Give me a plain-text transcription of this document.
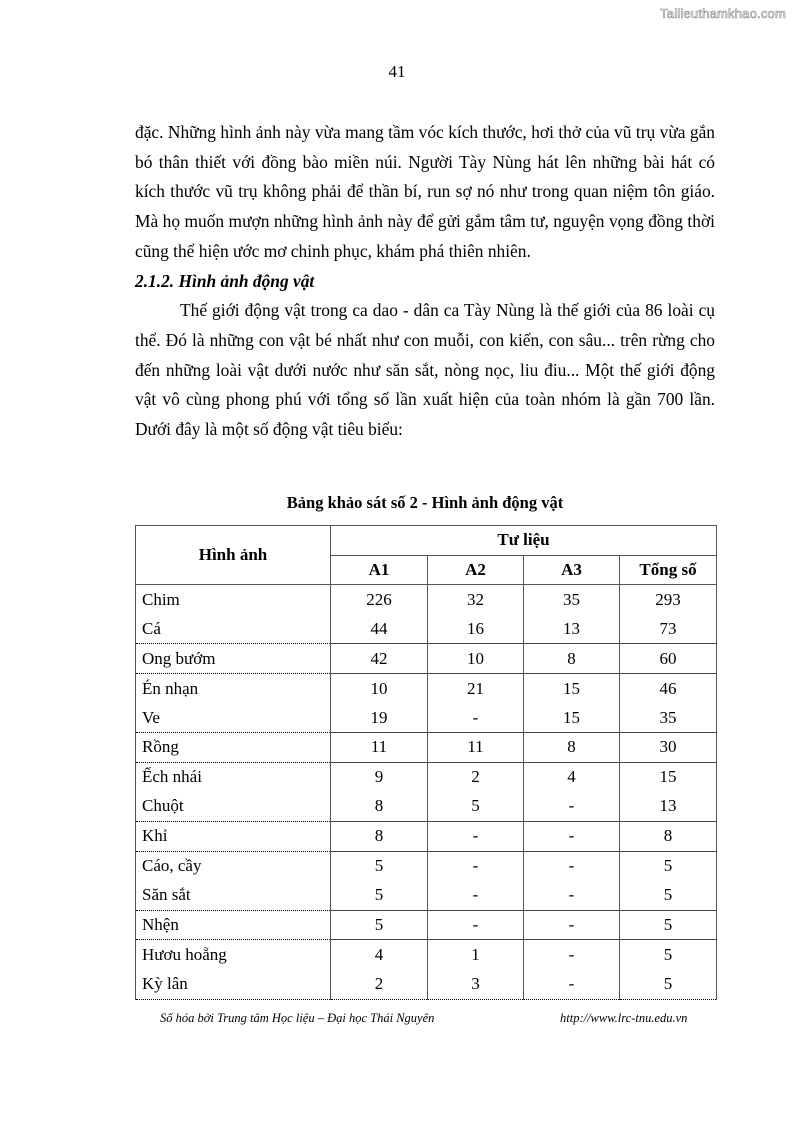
Tailieuthamkhao.com
41

đặc. Những hình ảnh này vừa mang tầm vóc kích thước, hơi thở của vũ trụ vừa gắn bó thân thiết với đồng bào miền núi. Người Tày Nùng hát lên những bài hát có kích thước vũ trụ không phải để thần bí, run sợ nó như trong quan niệm tôn giáo. Mà họ muốn mượn những hình ảnh này để gửi gắm tâm tư, nguyện vọng đồng thời cũng thể hiện ước mơ chinh phục, khám phá thiên nhiên.

2.1.2. Hình ảnh động vật

Thế giới động vật trong ca dao - dân ca Tày Nùng là thế giới của 86 loài cụ thể. Đó là những con vật bé nhất như con muỗi, con kiến, con sâu... trên rừng cho đến những loài vật dưới nước như săn sắt, nòng nọc, liu điu... Một thế giới động vật vô cùng phong phú với tổng số lần xuất hiện của toàn nhóm là gần 700 lần. Dưới đây là một số động vật tiêu biểu:

Bảng khảo sát số 2 - Hình ảnh động vật
Hình ảnh	Tư liệu			
	A1	A2	A3	Tổng số
Chim	226	32	35	293
Cá	44	16	13	73
Ong bướm	42	10	8	60
Én nhạn	10	21	15	46
Ve	19	-	15	35
Rồng	11	11	8	30
Ếch nhái	9	2	4	15
Chuột	8	5	-	13
Khỉ	8	-	-	8
Cáo, cầy	5	-	-	5
Săn sắt	5	-	-	5
Nhện	5	-	-	5
Hươu hoẵng	4	1	-	5
Kỳ lân	2	3	-	5
Số hóa bởi Trung tâm Học liệu – Đại học Thái Nguyên	http://www.lrc-tnu.edu.vn
